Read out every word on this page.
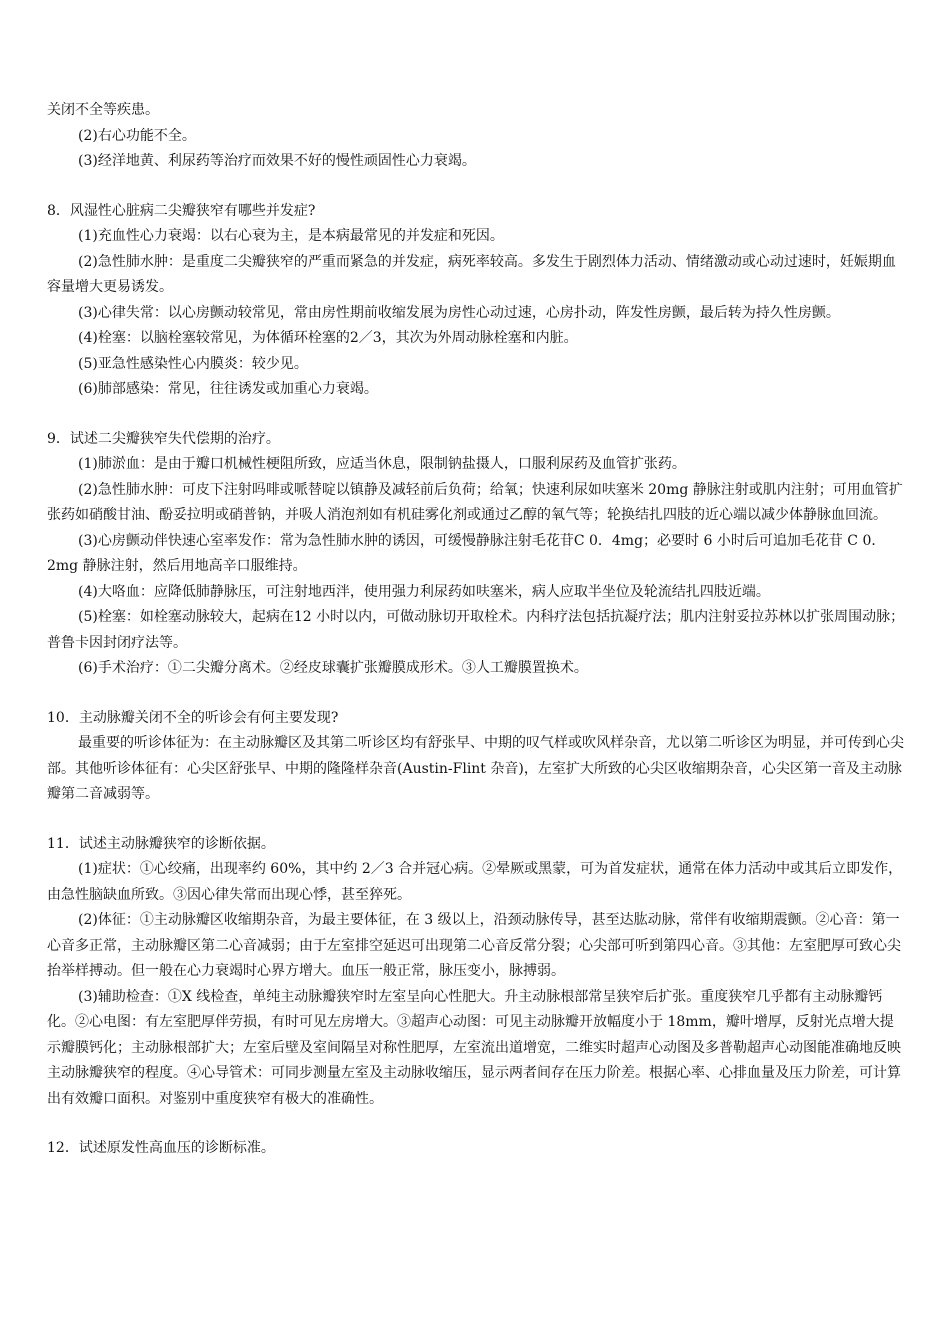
关闭不全等疾患。

(2)右心功能不全。

(3)经洋地黄、利尿药等治疗而效果不好的慢性顽固性心力衰竭。

8．风湿性心脏病二尖瓣狭窄有哪些并发症?

(1)充血性心力衰竭：以右心衰为主，是本病最常见的并发症和死因。

(2)急性肺水肿：是重度二尖瓣狭窄的严重而紧急的并发症，病死率较高。多发生于剧烈体力活动、情绪激动或心动过速时，妊娠期血容量增大更易诱发。

(3)心律失常：以心房颤动较常见，常由房性期前收缩发展为房性心动过速，心房扑动，阵发性房颤，最后转为持久性房颤。

(4)栓塞：以脑栓塞较常见，为体循环栓塞的2／3，其次为外周动脉栓塞和内脏。

(5)亚急性感染性心内膜炎：较少见。

(6)肺部感染：常见，往往诱发或加重心力衰竭。

9．试述二尖瓣狭窄失代偿期的治疗。

(1)肺淤血：是由于瓣口机械性梗阻所致，应适当休息，限制钠盐摄人，口服利尿药及血管扩张药。

(2)急性肺水肿：可皮下注射吗啡或哌替啶以镇静及减轻前后负荷；给氧；快速利尿如呋塞米 20mg 静脉注射或肌内注射；可用血管扩张药如硝酸甘油、酚妥拉明或硝普钠，并吸人消泡剂如有机硅雾化剂或通过乙醇的氧气等；轮换结扎四肢的近心端以减少体静脉血回流。

(3)心房颤动伴快速心室率发作：常为急性肺水肿的诱因，可缓慢静脉注射毛花苷C 0．4mg；必要时 6 小时后可追加毛花苷 C 0．2mg 静脉注射，然后用地高辛口服维持。

(4)大咯血：应降低肺静脉压，可注射地西泮，使用强力利尿药如呋塞米，病人应取半坐位及轮流结扎四肢近端。

(5)栓塞：如栓塞动脉较大，起病在12 小时以内，可做动脉切开取栓术。内科疗法包括抗凝疗法；肌内注射妥拉苏林以扩张周围动脉；普鲁卡因封闭疗法等。

(6)手术治疗：①二尖瓣分离术。②经皮球囊扩张瓣膜成形术。③人工瓣膜置换术。

10．主动脉瓣关闭不全的听诊会有何主要发现?

最重要的听诊体征为：在主动脉瓣区及其第二听诊区均有舒张早、中期的叹气样或吹风样杂音，尤以第二听诊区为明显，并可传到心尖部。其他听诊体征有：心尖区舒张早、中期的隆隆样杂音(Austin-Flint 杂音)，左室扩大所致的心尖区收缩期杂音，心尖区第一音及主动脉瓣第二音减弱等。

11．试述主动脉瓣狭窄的诊断依据。

(1)症状：①心绞痛，出现率约 60%，其中约 2／3 合并冠心病。②晕厥或黑蒙，可为首发症状，通常在体力活动中或其后立即发作，由急性脑缺血所致。③因心律失常而出现心悸，甚至猝死。

(2)体征：①主动脉瓣区收缩期杂音，为最主要体征，在 3 级以上，沿颈动脉传导，甚至达肱动脉，常伴有收缩期震颤。②心音：第一心音多正常，主动脉瓣区第二心音减弱；由于左室排空延迟可出现第二心音反常分裂；心尖部可听到第四心音。③其他：左室肥厚可致心尖抬举样搏动。但一般在心力衰竭时心界方增大。血压一般正常，脉压变小，脉搏弱。

(3)辅助检查：①X 线检查，单纯主动脉瓣狭窄时左室呈向心性肥大。升主动脉根部常呈狭窄后扩张。重度狭窄几乎都有主动脉瓣钙化。②心电图：有左室肥厚伴劳损，有时可见左房增大。③超声心动图：可见主动脉瓣开放幅度小于 18mm，瓣叶增厚，反射光点增大提示瓣膜钙化；主动脉根部扩大；左室后壁及室间隔呈对称性肥厚，左室流出道增宽，二维实时超声心动图及多普勒超声心动图能准确地反映主动脉瓣狭窄的程度。④心导管术：可同步测量左室及主动脉收缩压，显示两者间存在压力阶差。根据心率、心排血量及压力阶差，可计算出有效瓣口面积。对鉴别中重度狭窄有极大的准确性。

12．试述原发性高血压的诊断标准。
